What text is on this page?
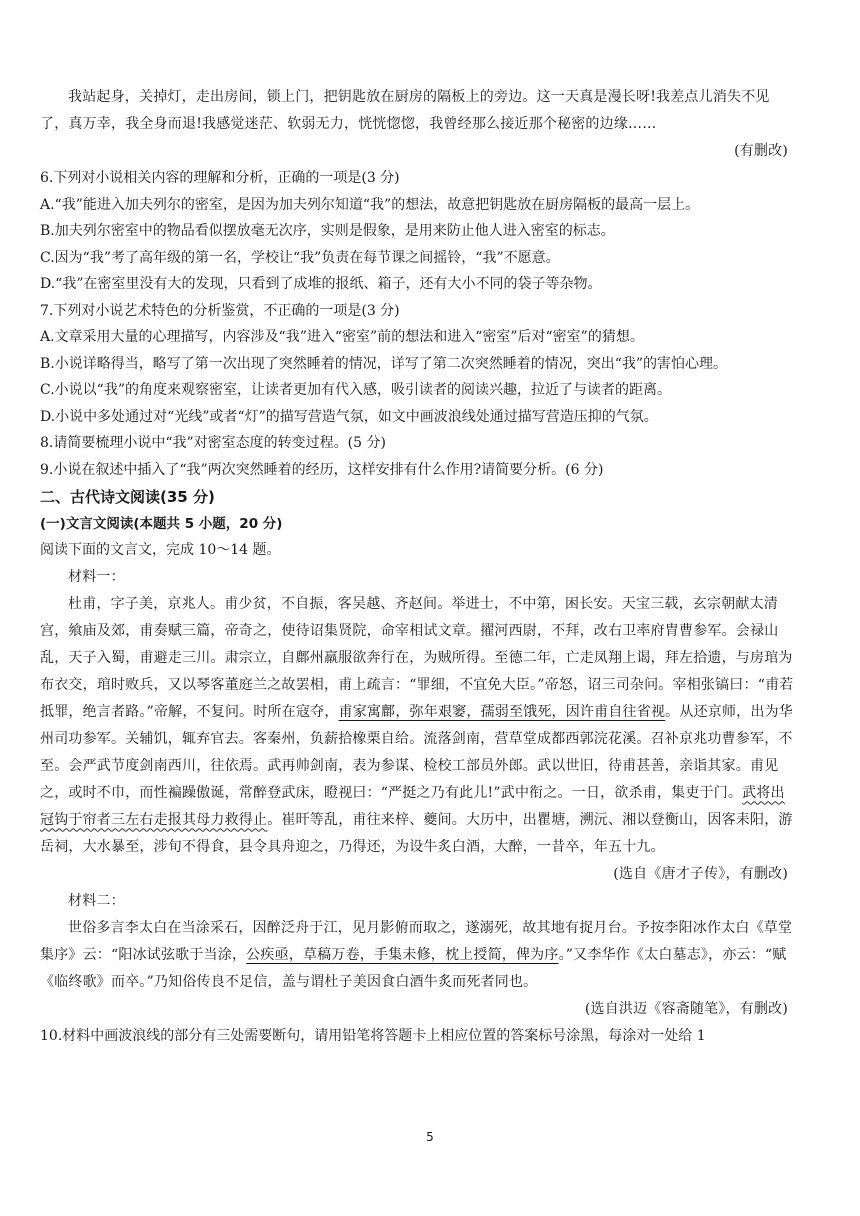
我站起身，关掉灯，走出房间，锁上门，把钥匙放在厨房的隔板上的旁边。这一天真是漫长呀!我差点儿消失不见了，真万幸，我全身而退!我感觉迷茫、软弱无力，恍恍惚惚，我曾经那么接近那个秘密的边缘……

(有删改)

6.下列对小说相关内容的理解和分析，正确的一项是(3 分)

A.“我”能进入加夫列尔的密室，是因为加夫列尔知道“我”的想法，故意把钥匙放在厨房隔板的最高一层上。

B.加夫列尔密室中的物品看似摆放毫无次序，实则是假象，是用来防止他人进入密室的标志。

C.因为“我”考了高年级的第一名，学校让“我”负责在每节课之间摇铃，“我”不愿意。

D.“我”在密室里没有大的发现，只看到了成堆的报纸、箱子，还有大小不同的袋子等杂物。

7.下列对小说艺术特色的分析鉴赏，不正确的一项是(3 分)

A.文章采用大量的心理描写，内容涉及“我”进入“密室”前的想法和进入“密室”后对“密室”的猜想。

B.小说详略得当，略写了第一次出现了突然睡着的情况，详写了第二次突然睡着的情况，突出“我”的害怕心理。

C.小说以“我”的角度来观察密室，让读者更加有代入感，吸引读者的阅读兴趣，拉近了与读者的距离。

D.小说中多处通过对“光线”或者“灯”的描写营造气氛，如文中画波浪线处通过描写营造压抑的气氛。

8.请简要梳理小说中“我”对密室态度的转变过程。(5 分)

9.小说在叙述中插入了“我”两次突然睡着的经历，这样安排有什么作用?请简要分析。(6 分)

二、古代诗文阅读(35 分)

(一)文言文阅读(本题共 5 小题，20 分)

阅读下面的文言文，完成 10～14 题。

材料一：

杜甫，字子美，京兆人。甫少贫，不自振，客吴越、齐赵间。举进士，不中第，困长安。天宝三载，玄宗朝献太清宫，飨庙及郊，甫奏赋三篇，帝奇之，使待诏集贤院，命宰相试文章。擢河西尉，不拜，改右卫率府胄曹参军。会禄山乱，天子入蜀，甫避走三川。肃宗立，自鄜州羸服欲奔行在，为贼所得。至德二年，亡走凤翔上谒，拜左拾遗，与房琯为布衣交，琯时败兵，又以琴客董庭兰之故罢相，甫上疏言：“罪细，不宜免大臣。”帝怒，诏三司杂问。宰相张镐曰：“甫若抵罪，绝言者路。”帝解，不复问。时所在寇夺，甫家寓鄜，弥年艰窭，孺弱至饿死，因许甫自往省视。从还京师，出为华州司功参军。关辅饥，辄弃官去。客秦州，负薪拾橡栗自给。流落剑南，营草堂成都西郭浣花溪。召补京兆功曹参军，不至。会严武节度剑南西川，往依焉。武再帅剑南，表为参谋、检校工部员外郎。武以世旧，待甫甚善，亲诣其家。甫见之，或时不巾，而性褊躁傲诞，常醉登武床，瞪视曰：“严挺之乃有此儿!”武中衔之。一日，欲杀甫，集吏于门。武将出冠钩于帘者三左右走报其母力救得止。崔旰等乱，甫往来梓、夔间。大历中，出瞿塘，溯沅、湘以登衡山，因客耒阳，游岳祠，大水暴至，涉旬不得食，县令具舟迎之，乃得还，为设牛炙白酒，大醉，一昔卒，年五十九。

(选自《唐才子传》，有删改)

材料二：

世俗多言李太白在当涂采石，因醉泛舟于江，见月影俯而取之，遂溺死，故其地有捉月台。予按李阳冰作太白《草堂集序》云：“阳冰试弦歌于当涂，公疾亟，草稿万卷，手集未修，枕上授简，俾为序。”又李华作《太白墓志》，亦云：“赋《临终歌》而卒。”乃知俗传良不足信，盖与谓杜子美因食白酒牛炙而死者同也。

(选自洪迈《容斋随笔》，有删改)

10.材料中画波浪线的部分有三处需要断句，请用铅笔将答题卡上相应位置的答案标号涂黑，每涂对一处给 1

5
